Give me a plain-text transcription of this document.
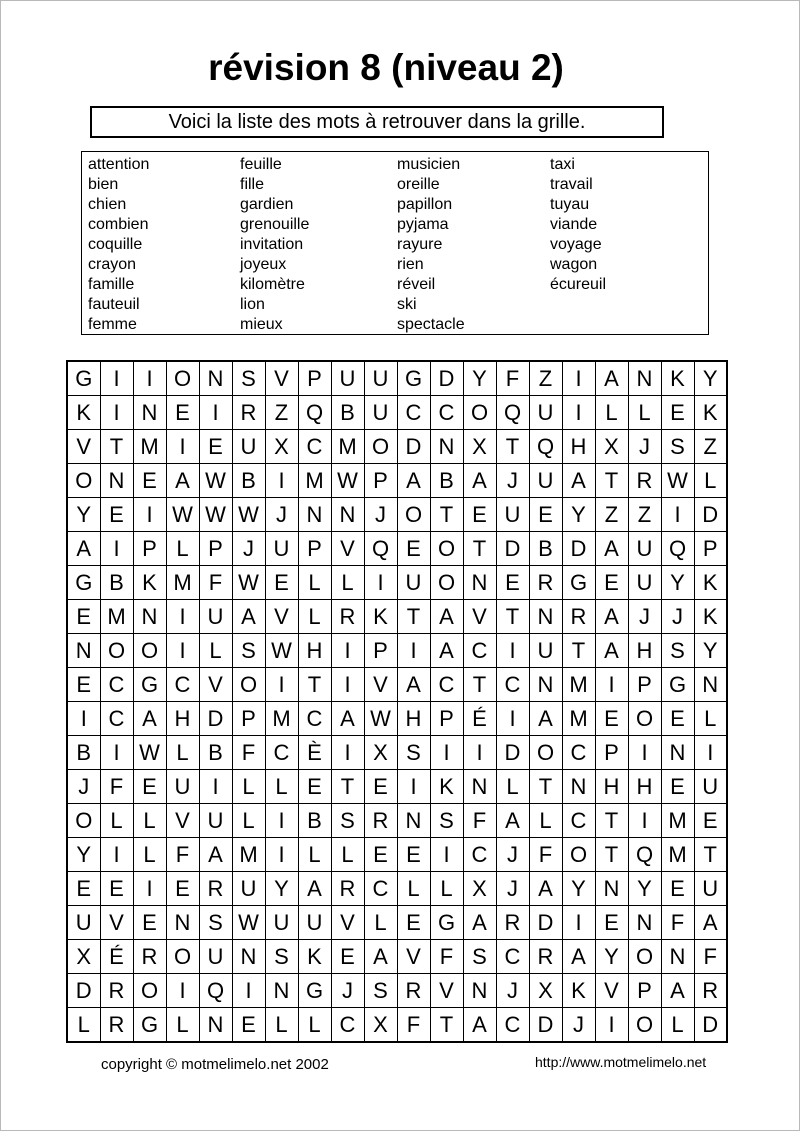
révision 8 (niveau 2)
Voici la liste des mots à retrouver dans la grille.
attention
bien
chien
combien
coquille
crayon
famille
fauteuil
femme
feuille
fille
gardien
grenouille
invitation
joyeux
kilomètre
lion
mieux
musicien
oreille
papillon
pyjama
rayure
rien
réveil
ski
spectacle
taxi
travail
tuyau
viande
voyage
wagon
écureuil
G	I	I	O	N	S	V	P	U	U	G	D	Y	F	Z	I	A	N	K	Y
K	I	N	E	I	R	Z	Q	B	U	C	C	O	Q	U	I	L	L	E	K
V	T	M	I	E	U	X	C	M	O	D	N	X	T	Q	H	X	J	S	Z
O	N	E	A	W	B	I	M	W	P	A	B	A	J	U	A	T	R	W	L
Y	E	I	W	W	W	J	N	N	J	O	T	E	U	E	Y	Z	Z	I	D
A	I	P	L	P	J	U	P	V	Q	E	O	T	D	B	D	A	U	Q	P
G	B	K	M	F	W	E	L	L	I	U	O	N	E	R	G	E	U	Y	K
E	M	N	I	U	A	V	L	R	K	T	A	V	T	N	R	A	J	J	K
N	O	O	I	L	S	W	H	I	P	I	A	C	I	U	T	A	H	S	Y
E	C	G	C	V	O	I	T	I	V	A	C	T	C	N	M	I	P	G	N
I	C	A	H	D	P	M	C	A	W	H	P	É	I	A	M	E	O	E	L
B	I	W	L	B	F	C	È	I	X	S	I	I	D	O	C	P	I	N	I
J	F	E	U	I	L	L	E	T	E	I	K	N	L	T	N	H	H	E	U
O	L	L	V	U	L	I	B	S	R	N	S	F	A	L	C	T	I	M	E
Y	I	L	F	A	M	I	L	L	E	E	I	C	J	F	O	T	Q	M	T
E	E	I	E	R	U	Y	A	R	C	L	L	X	J	A	Y	N	Y	E	U
U	V	E	N	S	W	U	U	V	L	E	G	A	R	D	I	E	N	F	A
X	É	R	O	U	N	S	K	E	A	V	F	S	C	R	A	Y	O	N	F
D	R	O	I	Q	I	N	G	J	S	R	V	N	J	X	K	V	P	A	R
L	R	G	L	N	E	L	L	C	X	F	T	A	C	D	J	I	O	L	D
copyright © motmelimelo.net 2002	http://www.motmelimelo.net
